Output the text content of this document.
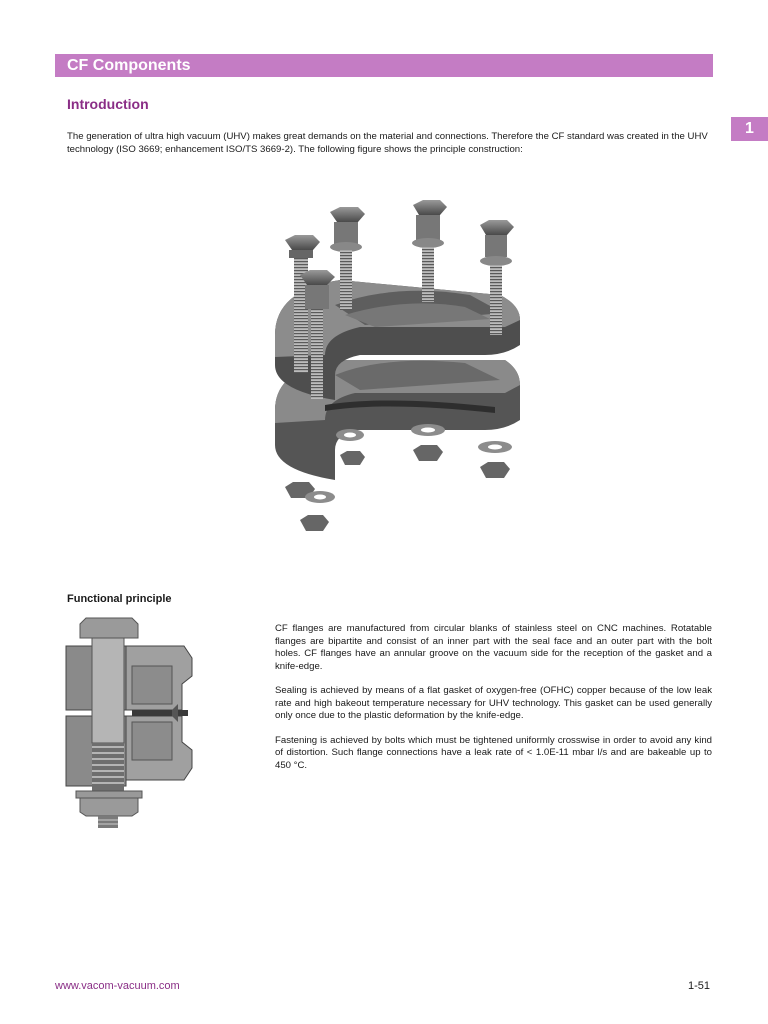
CF Components
1
Introduction
The generation of ultra high vacuum (UHV) makes great demands on the material and connections. Therefore the CF standard was created in the UHV technology (ISO 3669; enhancement ISO/TS 3669-2). The following figure shows the principle construction:
Functional principle

CF flanges are manufactured from circular blanks of stainless steel on CNC machines. Rotatable flanges are bipartite and consist of an inner part with the seal face and an outer part with the bolt holes. CF flanges have an annular groove on the vacuum side for the reception of the gasket and a knife-edge.

Sealing is achieved by means of a flat gasket of oxygen-free (OFHC) copper because of the low leak rate and high bakeout temperature necessary for UHV technology. This gasket can be used generally only once due to the plastic deformation by the knife-edge.

Fastening is achieved by bolts which must be tightened uniformly crosswise in order to avoid any kind of distortion. Such flange connections have a leak rate of < 1.0E-11 mbar l/s and are bakeable up to 450 °C.

www.vacom-vacuum.com	1-51
